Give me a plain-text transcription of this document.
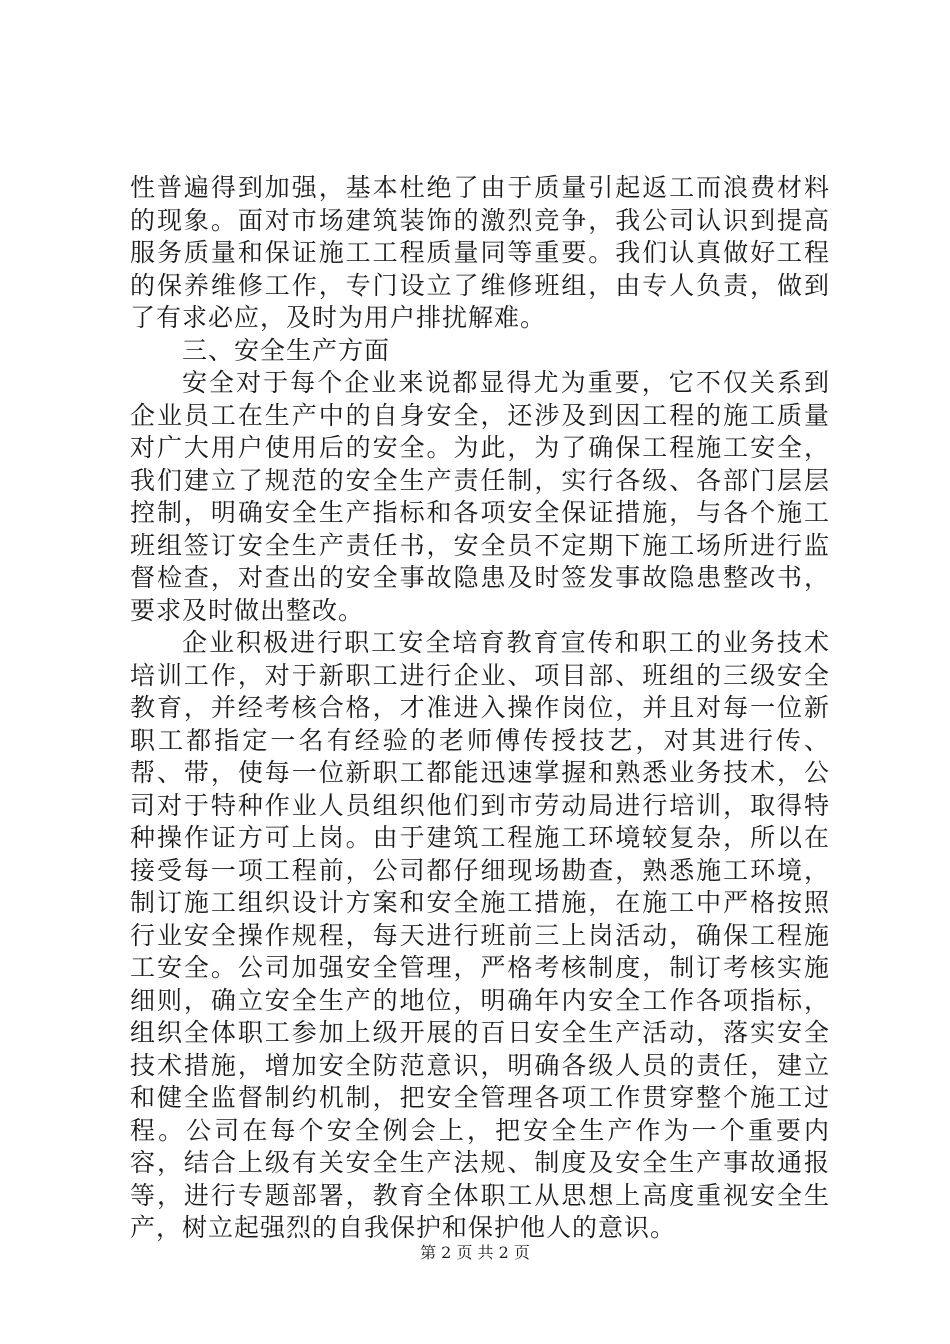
性普遍得到加强，基本杜绝了由于质量引起返工而浪费材料的现象。面对市场建筑装饰的激烈竞争，我公司认识到提高服务质量和保证施工工程质量同等重要。我们认真做好工程的保养维修工作，专门设立了维修班组，由专人负责，做到了有求必应，及时为用户排扰解难。

三、安全生产方面

安全对于每个企业来说都显得尤为重要，它不仅关系到企业员工在生产中的自身安全，还涉及到因工程的施工质量对广大用户使用后的安全。为此，为了确保工程施工安全，我们建立了规范的安全生产责任制，实行各级、各部门层层控制，明确安全生产指标和各项安全保证措施，与各个施工班组签订安全生产责任书，安全员不定期下施工场所进行监督检查，对查出的安全事故隐患及时签发事故隐患整改书，要求及时做出整改。

企业积极进行职工安全培育教育宣传和职工的业务技术培训工作，对于新职工进行企业、项目部、班组的三级安全教育，并经考核合格，才准进入操作岗位，并且对每一位新职工都指定一名有经验的老师傅传授技艺，对其进行传、帮、带，使每一位新职工都能迅速掌握和熟悉业务技术，公司对于特种作业人员组织他们到市劳动局进行培训，取得特种操作证方可上岗。由于建筑工程施工环境较复杂，所以在接受每一项工程前，公司都仔细现场勘查，熟悉施工环境，制订施工组织设计方案和安全施工措施，在施工中严格按照行业安全操作规程，每天进行班前三上岗活动，确保工程施工安全。公司加强安全管理，严格考核制度，制订考核实施细则，确立安全生产的地位，明确年内安全工作各项指标，组织全体职工参加上级开展的百日安全生产活动，落实安全技术措施，增加安全防范意识，明确各级人员的责任，建立和健全监督制约机制，把安全管理各项工作贯穿整个施工过程。公司在每个安全例会上，把安全生产作为一个重要内容，结合上级有关安全生产法规、制度及安全生产事故通报等，进行专题部署，教育全体职工从思想上高度重视安全生产，树立起强烈的自我保护和保护他人的意识。

第 2 页 共 2 页
